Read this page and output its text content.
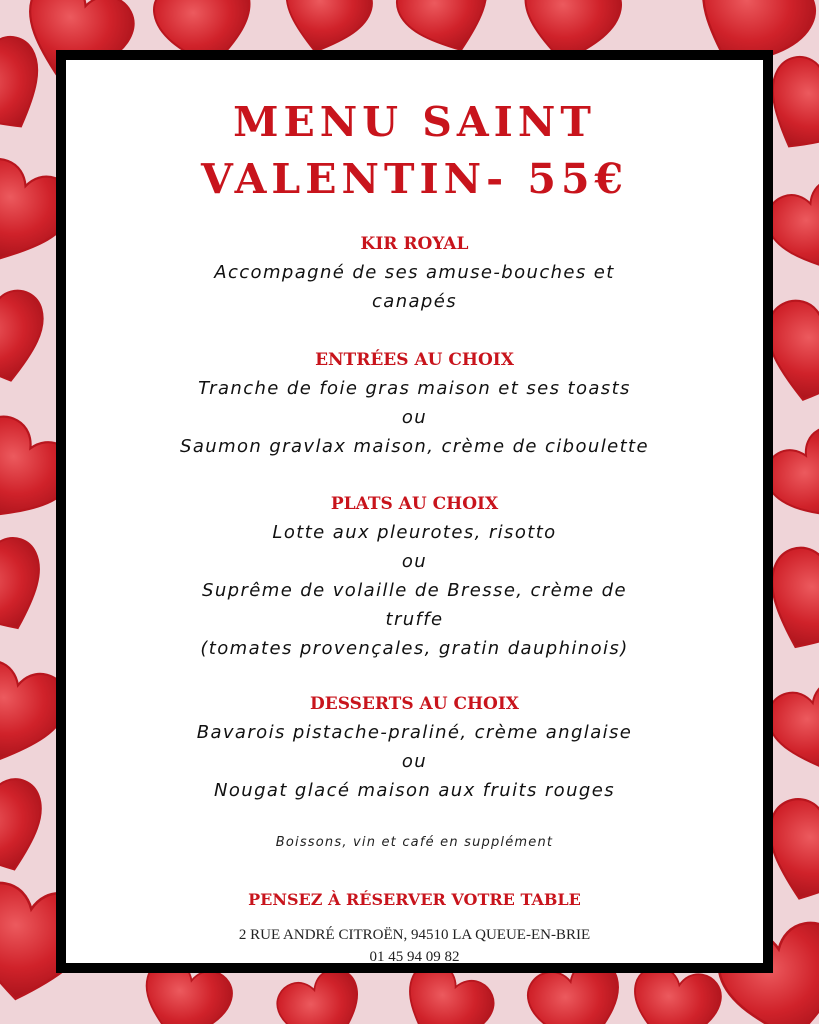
MENU SAINT
VALENTIN- 55€
KIR ROYAL
Accompagné de ses amuse-bouches et
canapés
ENTRÉES AU CHOIX
Tranche de foie gras maison et ses toasts
ou
Saumon gravlax maison, crème de ciboulette
PLATS AU CHOIX
Lotte aux pleurotes, risotto
ou
Suprême de volaille de Bresse, crème de
truffe
(tomates provençales, gratin dauphinois)
DESSERTS AU CHOIX
Bavarois pistache-praliné, crème anglaise
ou
Nougat glacé maison aux fruits rouges
Boissons, vin et café en supplément
PENSEZ À RÉSERVER VOTRE TABLE
2 RUE ANDRÉ CITROËN, 94510 LA QUEUE-EN-BRIE
01 45 94 09 82
